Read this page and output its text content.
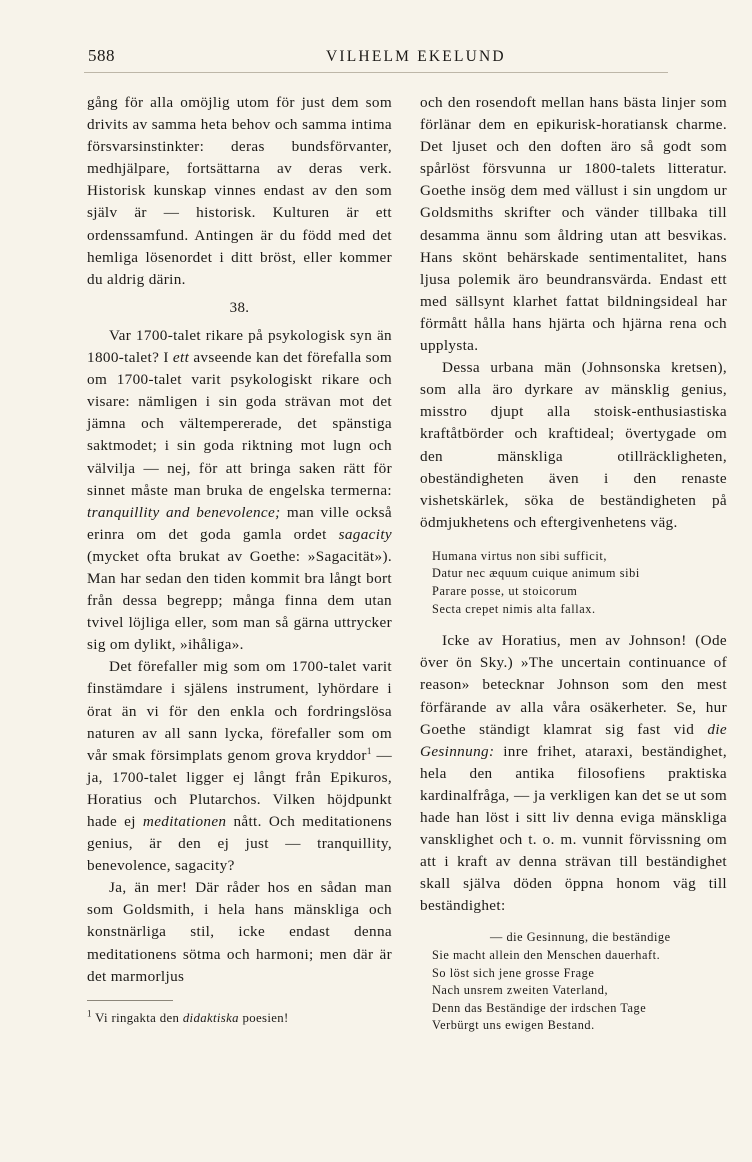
588	VILHELM EKELUND

gång för alla omöjlig utom för just dem som drivits av samma heta behov och samma intima försvarsinstinkter: deras bundsförvanter, medhjälpare, fortsättarna av deras verk. Historisk kunskap vinnes endast av den som själv är — historisk. Kulturen är ett ordenssamfund. Antingen är du född med det hemliga lösenordet i ditt bröst, eller kommer du aldrig därin.

38.

Var 1700-talet rikare på psykologisk syn än 1800-talet? I ett avseende kan det förefalla som om 1700-talet varit psykologiskt rikare och visare: nämligen i sin goda strävan mot det jämna och vältempererade, det spänstiga saktmodet; i sin goda riktning mot lugn och välvilja — nej, för att bringa saken rätt för sinnet måste man bruka de engelska termerna: tranquillity and benevolence; man ville också erinra om det goda gamla ordet sagacity (mycket ofta brukat av Goethe: »Sagacität»). Man har sedan den tiden kommit bra långt bort från dessa begrepp; många finna dem utan tvivel löjliga eller, som man så gärna uttrycker sig om dylikt, »ihåliga».

Det förefaller mig som om 1700-talet varit finstämdare i själens instrument, lyhördare i örat än vi för den enkla och fordringslösa naturen av all sann lycka, förefaller som om vår smak försimplats genom grova kryddor$^1$ — ja, 1700-talet ligger ej långt från Epikuros, Horatius och Plutarchos. Vilken höjdpunkt hade ej meditationen nått. Och meditationens genius, är den ej just — tranquillity, benevolence, sagacity?

Ja, än mer! Där råder hos en sådan man som Goldsmith, i hela hans mänskliga och konstnärliga stil, icke endast denna meditationens sötma och harmoni; men där är det marmorljus

$^1$ Vi ringakta den didaktiska poesien!

och den rosendoft mellan hans bästa linjer som förlänar dem en epikurisk-horatiansk charme. Det ljuset och den doften äro så godt som spårlöst försvunna ur 1800-talets litteratur. Goethe insög dem med vällust i sin ungdom ur Goldsmiths skrifter och vänder tillbaka till desamma ännu som åldring utan att besvikas. Hans skönt behärskade sentimentalitet, hans ljusa polemik äro beundransvärda. Endast ett med sällsynt klarhet fattat bildningsideal har förmått hålla hans hjärta och hjärna rena och upplysta.

Dessa urbana män (Johnsonska kretsen), som alla äro dyrkare av mänsklig genius, misstro djupt alla stoisk-enthusiastiska kraftåtbörder och kraftideal; övertygade om den mänskliga otillräckligheten, obeständigheten även i den renaste vishetskärlek, söka de beständigheten på ödmjukhetens och eftergivenhetens väg.

Humana virtus non sibi sufficit,
Datur nec æquum cuique animum sibi
Parare posse, ut stoicorum
Secta crepet nimis alta fallax.

Icke av Horatius, men av Johnson! (Ode över ön Sky.) »The uncertain continuance of reason» betecknar Johnson som den mest förfärande av alla våra osäkerheter. Se, hur Goethe ständigt klamrat sig fast vid die Gesinnung: inre frihet, ataraxi, beständighet, hela den antika filosofiens praktiska kardinalfråga, — ja verkligen kan det se ut som hade han löst i sitt liv denna eviga mänskliga vansklighet och t. o. m. vunnit förvissning om att i kraft av denna strävan till beständighet skall själva döden öppna honom väg till beständighet:

— die Gesinnung, die beständige
Sie macht allein den Menschen dauerhaft.
So löst sich jene grosse Frage
Nach unsrem zweiten Vaterland,
Denn das Beständige der irdschen Tage
Verbürgt uns ewigen Bestand.
